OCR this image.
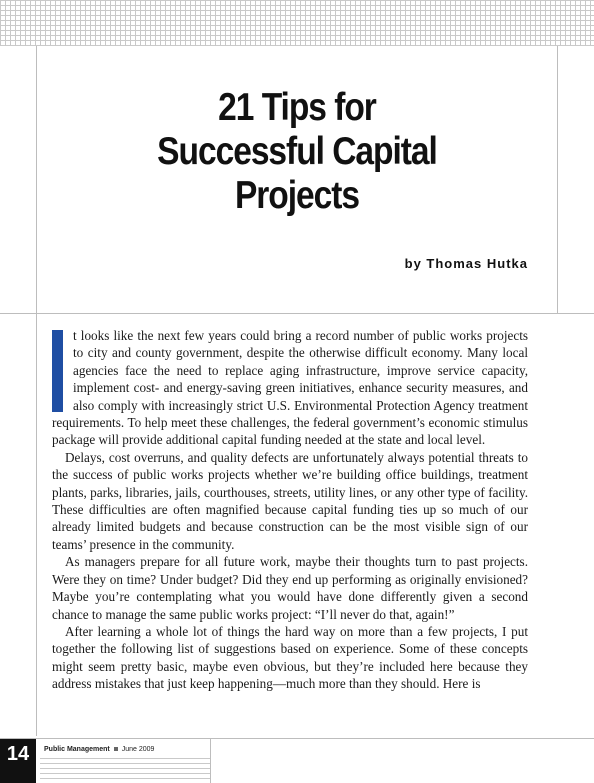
21 Tips for
Successful Capital
Projects
by Thomas Hutka

t looks like the next few years could bring a record number of public works projects to city and county government, despite the otherwise difficult economy. Many local agencies face the need to replace aging infrastructure, improve service capacity, implement cost- and energy-saving green initiatives, enhance security measures, and also comply with increasingly strict U.S. Environmental Protection Agency treatment requirements. To help meet these challenges, the federal government’s economic stimulus package will provide additional capital funding needed at the state and local level.

Delays, cost overruns, and quality defects are unfortunately always potential threats to the success of public works projects whether we’re building office buildings, treatment plants, parks, libraries, jails, courthouses, streets, utility lines, or any other type of facility. These difficulties are often magnified because capital funding ties up so much of our already limited budgets and because construction can be the most visible sign of our teams’ presence in the community.

As managers prepare for all future work, maybe their thoughts turn to past projects. Were they on time? Under budget? Did they end up performing as originally envisioned? Maybe you’re contemplating what you would have done differently given a second chance to manage the same public works project: “I’ll never do that, again!”

After learning a whole lot of things the hard way on more than a few projects, I put together the following list of suggestions based on experience. Some of these concepts might seem pretty basic, maybe even obvious, but they’re included here because they address mistakes that just keep happening—much more than they should. Here is

14	Public Management June 2009
